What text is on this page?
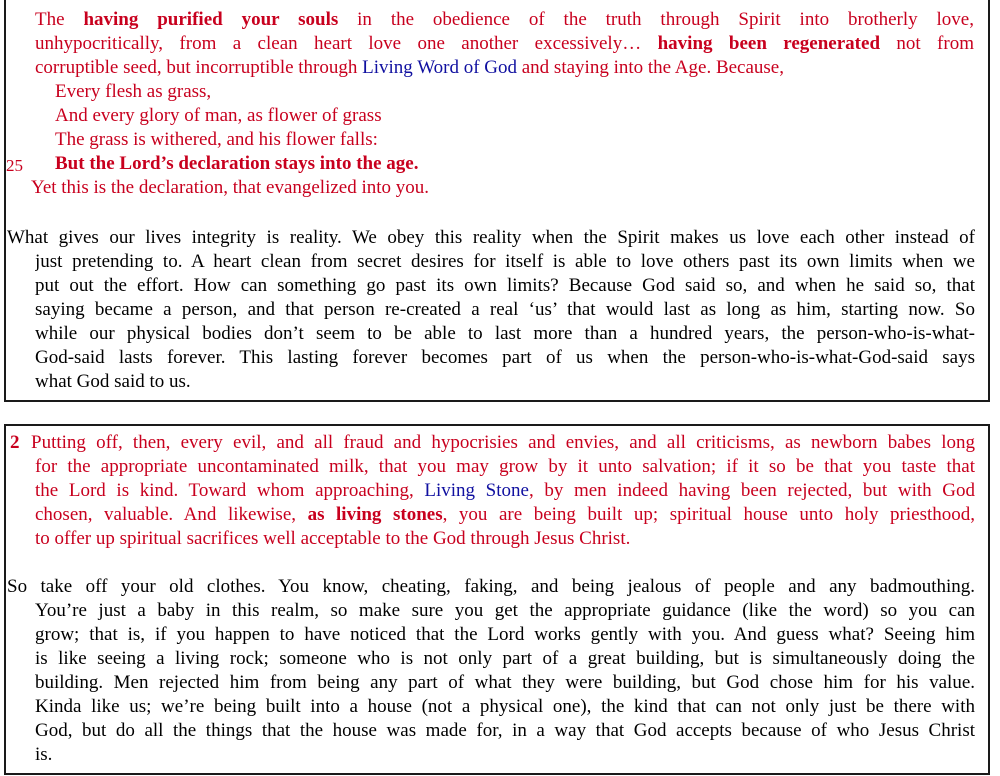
The having purified your souls in the obedience of the truth through Spirit into brotherly love,
unhypocritically, from a clean heart love one another excessively… having been regenerated not from
corruptible seed, but incorruptible through Living Word of God and staying into the Age. Because,
Every flesh as grass,
And every glory of man, as flower of grass
The grass is withered, and his flower falls:
25 But the Lord’s declaration stays into the age.
Yet this is the declaration, that evangelized into you.
What gives our lives integrity is reality. We obey this reality when the Spirit makes us love each other instead of
just pretending to. A heart clean from secret desires for itself is able to love others past its own limits when we
put out the effort. How can something go past its own limits? Because God said so, and when he said so, that
saying became a person, and that person re-created a real ‘us’ that would last as long as him, starting now. So
while our physical bodies don’t seem to be able to last more than a hundred years, the person-who-is-what-
God-said lasts forever. This lasting forever becomes part of us when the person-who-is-what-God-said says
what God said to us.
2 Putting off, then, every evil, and all fraud and hypocrisies and envies, and all criticisms, as newborn babes long
for the appropriate uncontaminated milk, that you may grow by it unto salvation; if it so be that you taste that
the Lord is kind. Toward whom approaching, Living Stone, by men indeed having been rejected, but with God
chosen, valuable. And likewise, as living stones, you are being built up; spiritual house unto holy priesthood,
to offer up spiritual sacrifices well acceptable to the God through Jesus Christ.
So take off your old clothes. You know, cheating, faking, and being jealous of people and any badmouthing.
You’re just a baby in this realm, so make sure you get the appropriate guidance (like the word) so you can
grow; that is, if you happen to have noticed that the Lord works gently with you. And guess what? Seeing him
is like seeing a living rock; someone who is not only part of a great building, but is simultaneously doing the
building. Men rejected him from being any part of what they were building, but God chose him for his value.
Kinda like us; we’re being built into a house (not a physical one), the kind that can not only just be there with
God, but do all the things that the house was made for, in a way that God accepts because of who Jesus Christ
is.
